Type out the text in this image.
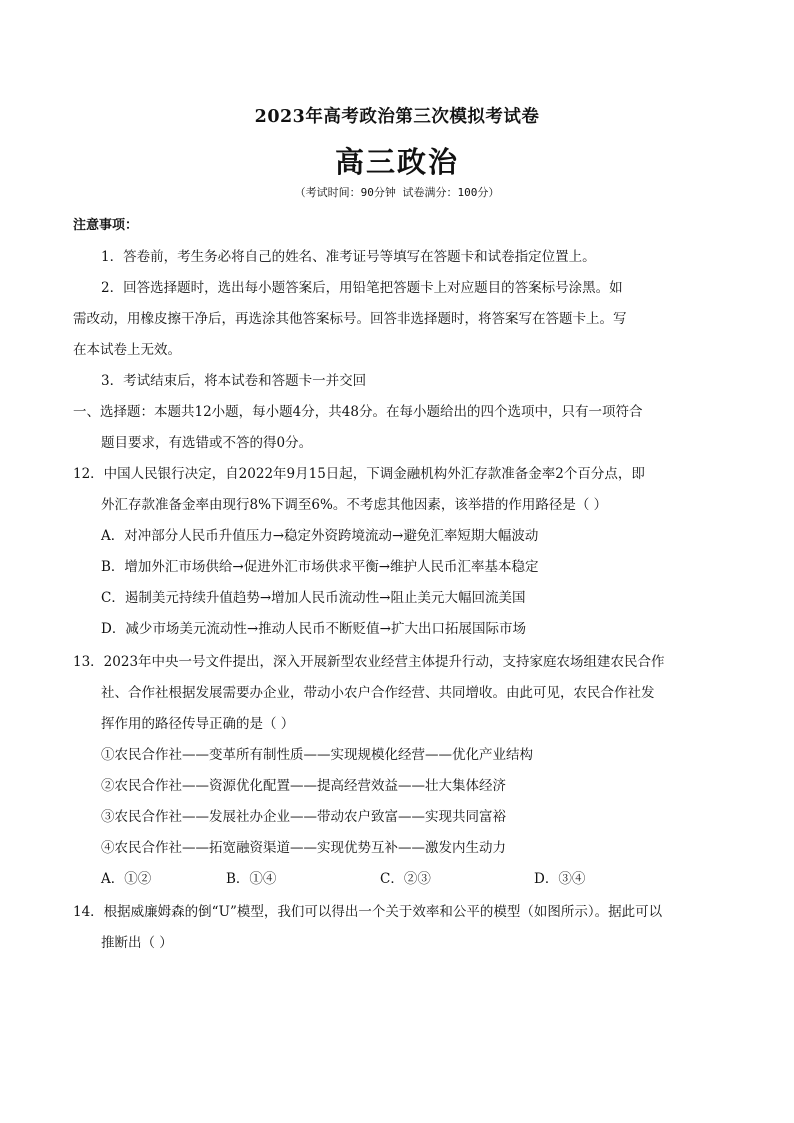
2023年高考政治第三次模拟考试卷
高三政治
（考试时间：90分钟 试卷满分：100分）
注意事项：
1．答卷前，考生务必将自己的姓名、准考证号等填写在答题卡和试卷指定位置上。
2．回答选择题时，选出每小题答案后，用铅笔把答题卡上对应题目的答案标号涂黑。如
需改动，用橡皮擦干净后，再选涂其他答案标号。回答非选择题时，将答案写在答题卡上。写
在本试卷上无效。
3．考试结束后，将本试卷和答题卡一并交回
一、选择题：本题共12小题，每小题4分，共48分。在每小题给出的四个选项中，只有一项符合
题目要求，有选错或不答的得0分。
12．中国人民银行决定，自2022年9月15日起，下调金融机构外汇存款准备金率2个百分点，即
外汇存款准备金率由现行8%下调至6%。不考虑其他因素，该举措的作用路径是（ ）
A．对冲部分人民币升值压力→稳定外资跨境流动→避免汇率短期大幅波动
B．增加外汇市场供给→促进外汇市场供求平衡→维护人民币汇率基本稳定
C．遏制美元持续升值趋势→增加人民币流动性→阻止美元大幅回流美国
D．减少市场美元流动性→推动人民币不断贬值→扩大出口拓展国际市场
13．2023年中央一号文件提出，深入开展新型农业经营主体提升行动，支持家庭农场组建农民合作
社、合作社根据发展需要办企业，带动小农户合作经营、共同增收。由此可见，农民合作社发
挥作用的路径传导正确的是（ ）
①农民合作社——变革所有制性质——实现规模化经营——优化产业结构
②农民合作社——资源优化配置——提高经营效益——壮大集体经济
③农民合作社——发展社办企业——带动农户致富——实现共同富裕
④农民合作社——拓宽融资渠道——实现优势互补——激发内生动力
A．①②	B．①④	C．②③	D．③④
14．根据威廉姆森的倒“U”模型，我们可以得出一个关于效率和公平的模型（如图所示）。据此可以
推断出（ ）
